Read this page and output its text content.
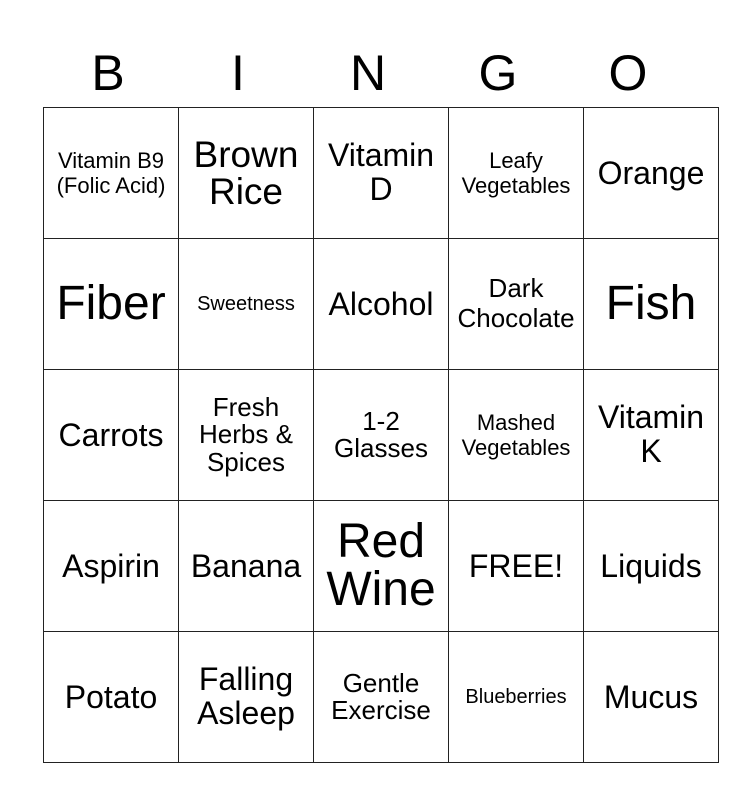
B	I	N	G	O
Vitamin B9 (Folic Acid)	Brown Rice	Vitamin D	Leafy Vegetables	Orange
Fiber	Sweetness	Alcohol	Dark Chocolate	Fish
Carrots	Fresh Herbs & Spices	1-2 Glasses	Mashed Vegetables	Vitamin K
Aspirin	Banana	Red Wine	FREE!	Liquids
Potato	Falling Asleep	Gentle Exercise	Blueberries	Mucus
